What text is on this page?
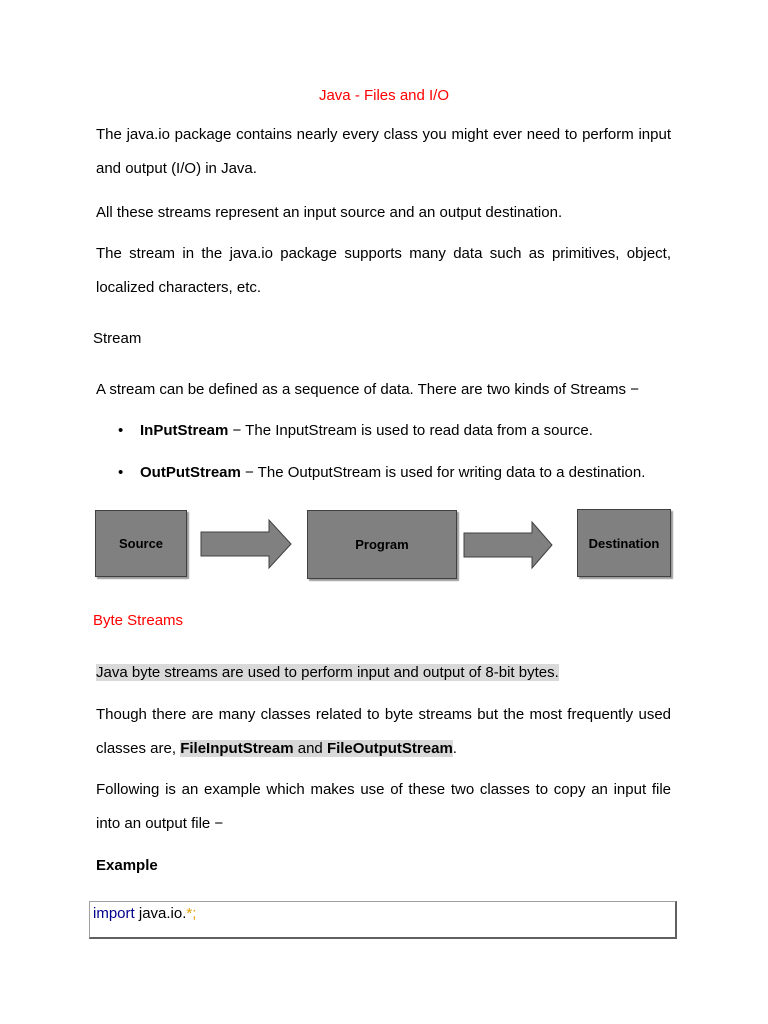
Java - Files and I/O
The java.io package contains nearly every class you might ever need to perform input and output (I/O) in Java.
All these streams represent an input source and an output destination.
The stream in the java.io package supports many data such as primitives, object, localized characters, etc.
Stream
A stream can be defined as a sequence of data. There are two kinds of Streams −
• InPutStream − The InputStream is used to read data from a source.
• OutPutStream − The OutputStream is used for writing data to a destination.
Source	Program	Destination
Byte Streams
Java byte streams are used to perform input and output of 8-bit bytes.
Though there are many classes related to byte streams but the most frequently used classes are, FileInputStream and FileOutputStream.
Following is an example which makes use of these two classes to copy an input file into an output file −
Example
import java.io.*;
